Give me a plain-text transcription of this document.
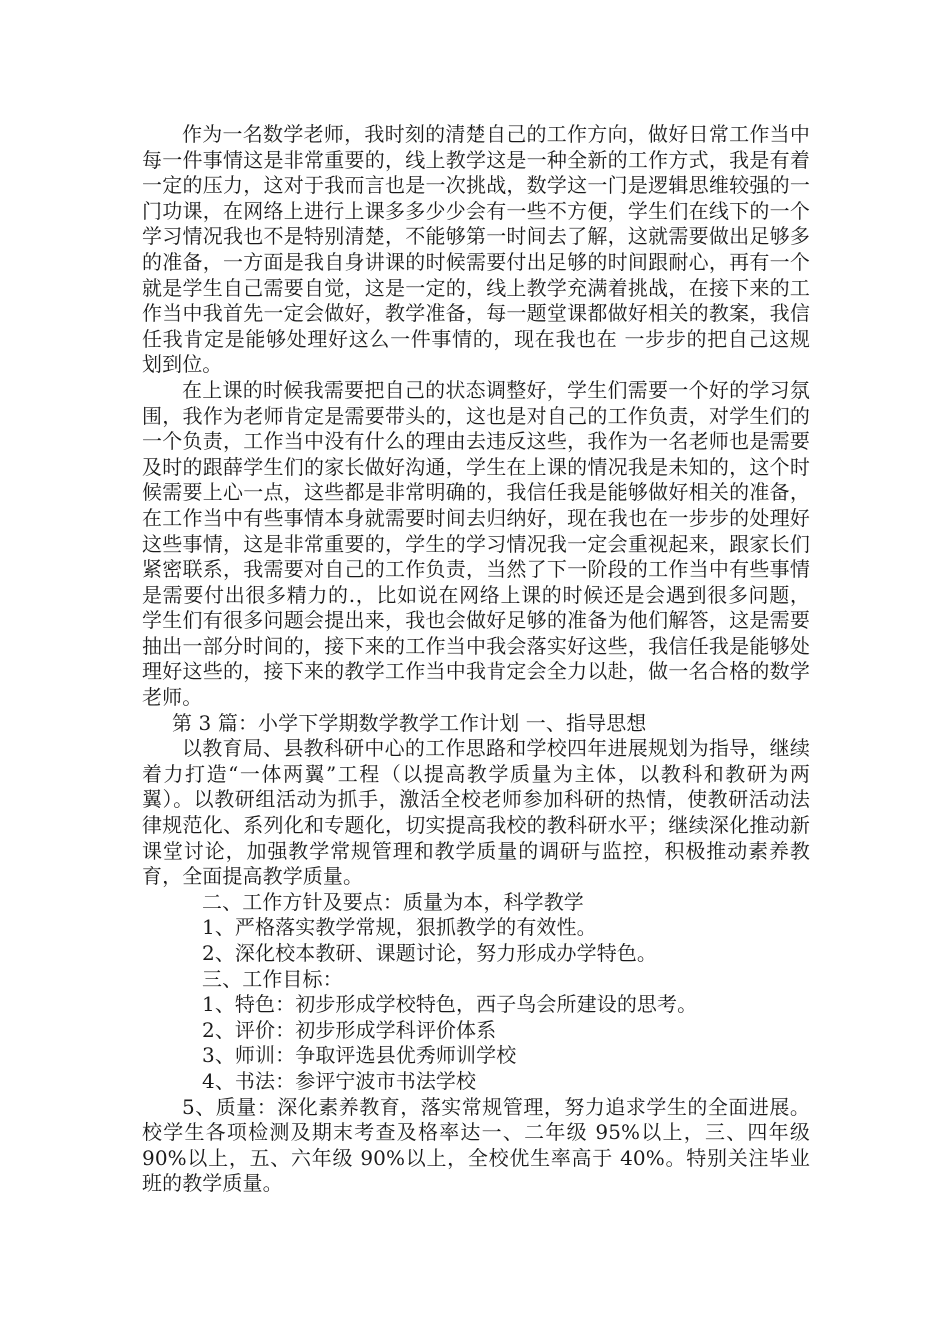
作为一名数学老师，我时刻的清楚自己的工作方向，做好日常工作当中每一件事情这是非常重要的，线上教学这是一种全新的工作方式，我是有着一定的压力，这对于我而言也是一次挑战，数学这一门是逻辑思维较强的一门功课，在网络上进行上课多多少少会有一些不方便，学生们在线下的一个学习情况我也不是特别清楚，不能够第一时间去了解，这就需要做出足够多的准备，一方面是我自身讲课的时候需要付出足够的时间跟耐心，再有一个就是学生自己需要自觉，这是一定的，线上教学充满着挑战，在接下来的工作当中我首先一定会做好，教学准备，每一题堂课都做好相关的教案，我信任我肯定是能够处理好这么一件事情的，现在我也在 一步步的把自己这规划到位。

在上课的时候我需要把自己的状态调整好，学生们需要一个好的学习氛围，我作为老师肯定是需要带头的，这也是对自己的工作负责，对学生们的一个负责，工作当中没有什么的理由去违反这些，我作为一名老师也是需要及时的跟薛学生们的家长做好沟通，学生在上课的情况我是未知的，这个时候需要上心一点，这些都是非常明确的，我信任我是能够做好相关的准备，在工作当中有些事情本身就需要时间去归纳好，现在我也在一步步的处理好这些事情，这是非常重要的，学生的学习情况我一定会重视起来，跟家长们紧密联系，我需要对自己的工作负责，当然了下一阶段的工作当中有些事情是需要付出很多精力的.，比如说在网络上课的时候还是会遇到很多问题，学生们有很多问题会提出来，我也会做好足够的准备为他们解答，这是需要抽出一部分时间的，接下来的工作当中我会落实好这些，我信任我是能够处理好这些的，接下来的教学工作当中我肯定会全力以赴，做一名合格的数学老师。

第 3 篇：小学下学期数学教学工作计划 一、指导思想

以教育局、县教科研中心的工作思路和学校四年进展规划为指导，继续着力打造“一体两翼”工程（以提高教学质量为主体，以教科和教研为两翼）。以教研组活动为抓手，激活全校老师参加科研的热情，使教研活动法律规范化、系列化和专题化，切实提高我校的教科研水平；继续深化推动新课堂讨论，加强教学常规管理和教学质量的调研与监控，积极推动素养教育，全面提高教学质量。

二、工作方针及要点：质量为本，科学教学

1、严格落实教学常规，狠抓教学的有效性。

2、深化校本教研、课题讨论，努力形成办学特色。

三、工作目标：

1、特色：初步形成学校特色，西子鸟会所建设的思考。

2、评价：初步形成学科评价体系

3、师训：争取评选县优秀师训学校

4、书法：参评宁波市书法学校

5、质量：深化素养教育，落实常规管理，努力追求学生的全面进展。校学生各项检测及期末考查及格率达一、二年级 95%以上，三、四年级 90%以上，五、六年级 90%以上，全校优生率高于 40%。特别关注毕业班的教学质量。
